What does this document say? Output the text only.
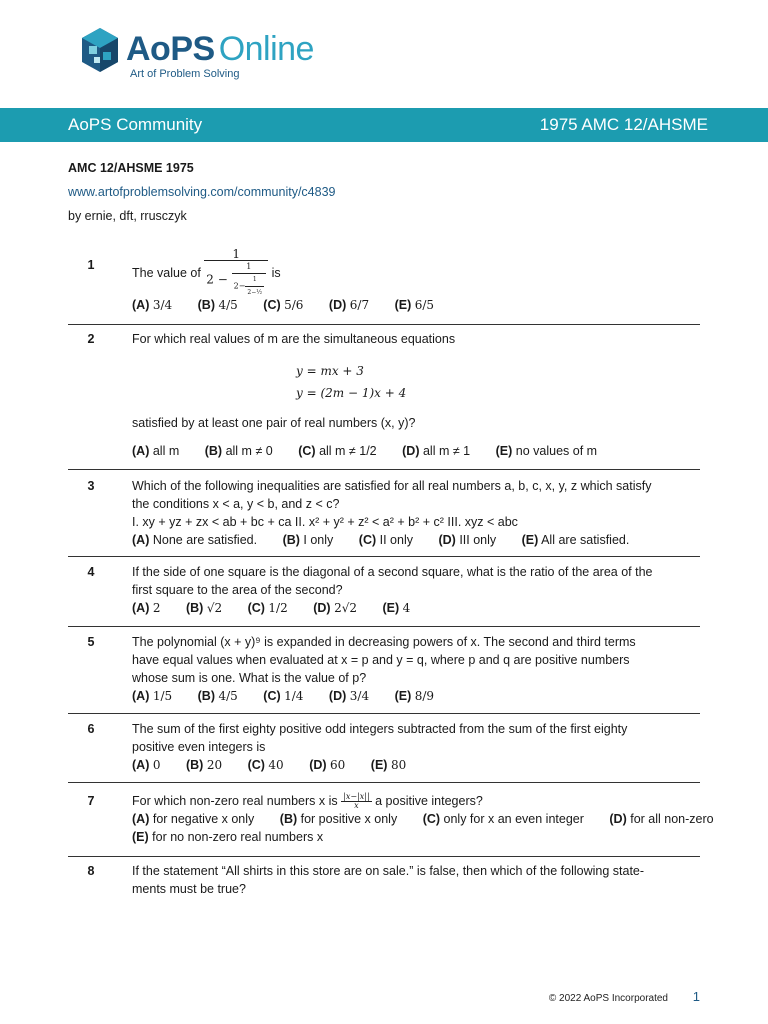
AoPS Online
Art of Problem Solving
AoPS Community	1975 AMC 12/AHSME
AMC 12/AHSME 1975
www.artofproblemsolving.com/community/c4839
by ernie, dft, rrusczyk
1

The value of $\frac{1}{2 - \frac{1}{2- \frac{1}{\text{2−½}}}}$ is

(A) 3/4 (B) 4/5 (C) 5/6 (D) 6/7 (E) 6/5

2	For which real values of m are the simultaneous equations

y = mx + 3
y = (2m − 1)x + 4

satisfied by at least one pair of real numbers (x, y)?

(A) all m (B) all m ≠ 0 (C) all m ≠ 1/2 (D) all m ≠ 1 (E) no values of m

3	Which of the following inequalities are satisfied for all real numbers a, b, c, x, y, z which satisfy

the conditions x < a, y < b, and z < c?

I. xy + yz + zx < ab + bc + ca II. x² + y² + z² < a² + b² + c² III. xyz < abc

(A) None are satisfied. (B) I only (C) II only (D) III only (E) All are satisfied.

4	If the side of one square is the diagonal of a second square, what is the ratio of the area of the

first square to the area of the second?

(A) 2 (B) √2 (C) 1/2 (D) 2√2 (E) 4

5	The polynomial (x + y)⁹ is expanded in decreasing powers of x. The second and third terms

have equal values when evaluated at x = p and y = q, where p and q are positive numbers

whose sum is one. What is the value of p?

(A) 1/5 (B) 4/5 (C) 1/4 (D) 3/4 (E) 8/9

6	The sum of the first eighty positive odd integers subtracted from the sum of the first eighty

positive even integers is

(A) 0 (B) 20 (C) 40 (D) 60 (E) 80

7	For which non-zero real numbers x is $\frac{|x-|x||}{x}$ a positive integers?

(A) for negative x only (B) for positive x only (C) only for x an even integer (D) for all non-zero

(E) for no non-zero real numbers x

8	If the statement “All shirts in this store are on sale.” is false, then which of the following state-

ments must be true?

© 2022 AoPS Incorporated 1
